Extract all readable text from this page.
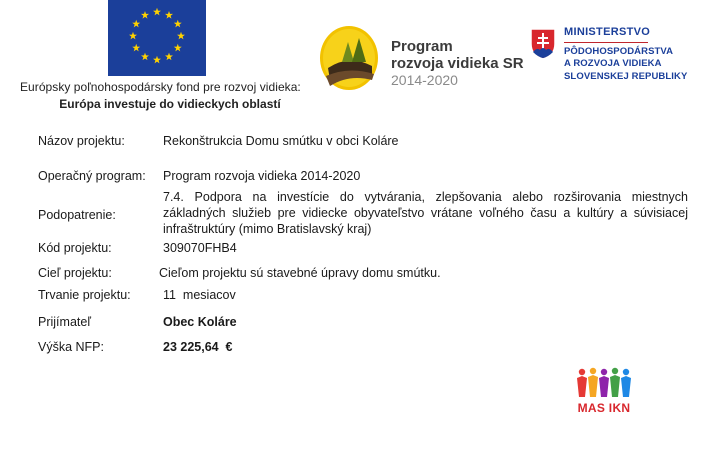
Európsky poľnohospodársky fond pre rozvoj vidieka:
Európa investuje do vidieckych oblastí
Program
rozvoja vidieka SR
2014-2020
MINISTERSTVO
PÔDOHOSPODÁRSTVA
A ROZVOJA VIDIEKA
SLOVENSKEJ REPUBLIKY
Názov projektu:	Rekonštrukcia Domu smútku v obci Koláre
Operačný program: Program rozvoja vidieka 2014-2020
Podopatrenie:
7.4. Podpora na investície do vytvárania, zlepšovania alebo rozširovania miestnych základných služieb pre vidiecke obyvateľstvo vrátane voľného času a kultúry a súvisiacej infraštruktúry (mimo Bratislavský kraj)
Kód projektu:	309070FHB4
Cieľ projektu:	Cieľom projektu sú stavebné úpravy domu smútku.
Trvanie projektu:	11  mesiacov
Prijímateľ	Obec Koláre
Výška NFP:	23 225,64  €
MAS IKN
